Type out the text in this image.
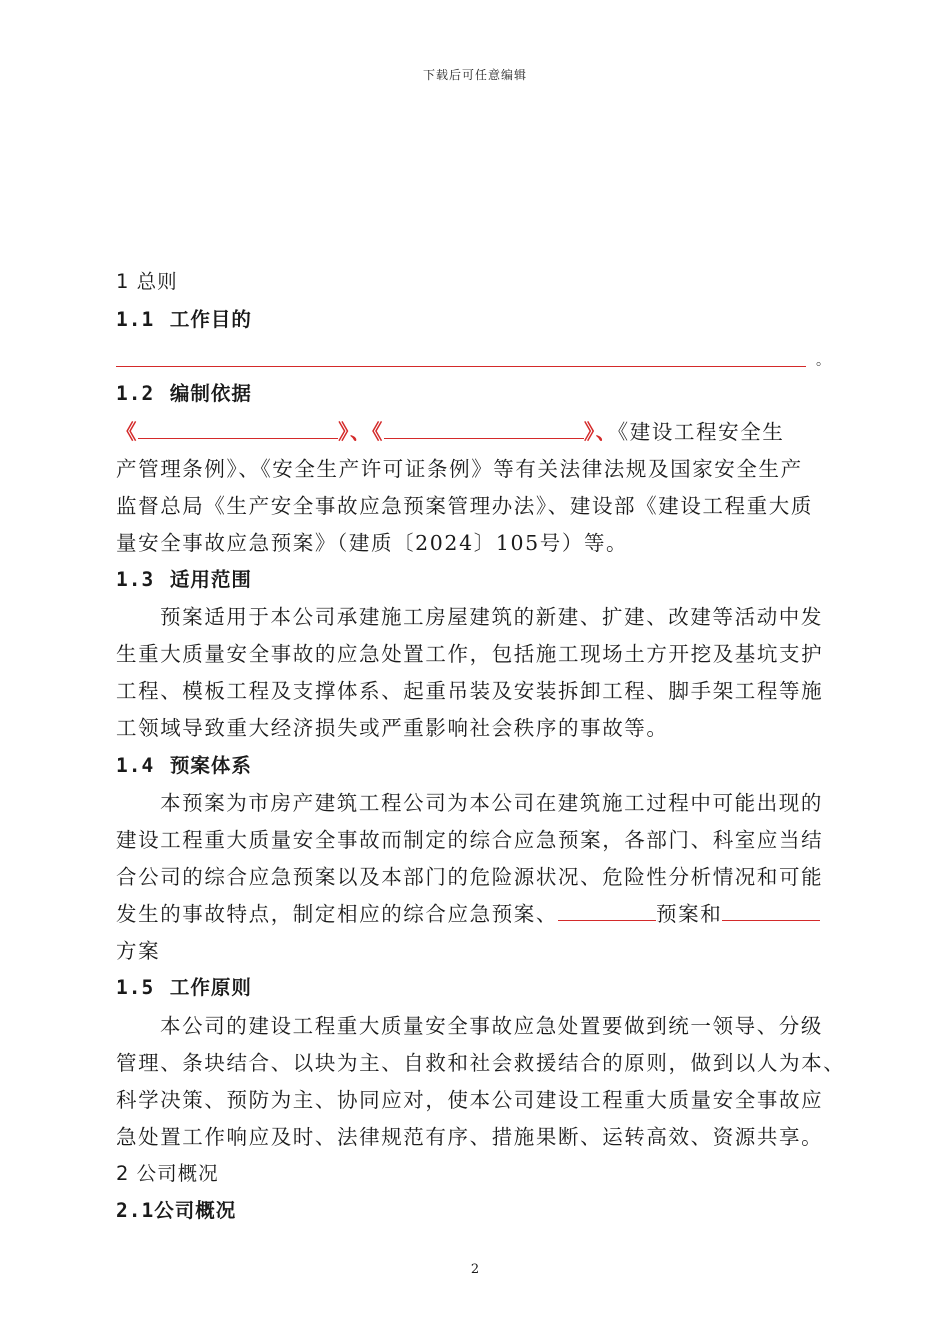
下载后可任意编辑
1 总则
1.1 工作目的
。
1.2 编制依据
《	》、《	》、《建设工程安全生
产管理条例》、《安全生产许可证条例》等有关法律法规及国家安全生产
监督总局《生产安全事故应急预案管理办法》、建设部《建设工程重大质
量安全事故应急预案》（建质〔2024〕105号）等。
1.3 适用范围
预案适用于本公司承建施工房屋建筑的新建、扩建、改建等活动中发
生重大质量安全事故的应急处置工作，包括施工现场土方开挖及基坑支护
工程、模板工程及支撑体系、起重吊装及安装拆卸工程、脚手架工程等施
工领域导致重大经济损失或严重影响社会秩序的事故等。
1.4 预案体系
本预案为市房产建筑工程公司为本公司在建筑施工过程中可能出现的
建设工程重大质量安全事故而制定的综合应急预案，各部门、科室应当结
合公司的综合应急预案以及本部门的危险源状况、危险性分析情况和可能
发生的事故特点，制定相应的综合应急预案、	预案和
方案
1.5 工作原则
本公司的建设工程重大质量安全事故应急处置要做到统一领导、分级
管理、条块结合、以块为主、自救和社会救援结合的原则，做到以人为本、
科学决策、预防为主、协同应对，使本公司建设工程重大质量安全事故应
急处置工作响应及时、法律规范有序、措施果断、运转高效、资源共享。
2 公司概况
2.1公司概况
2
